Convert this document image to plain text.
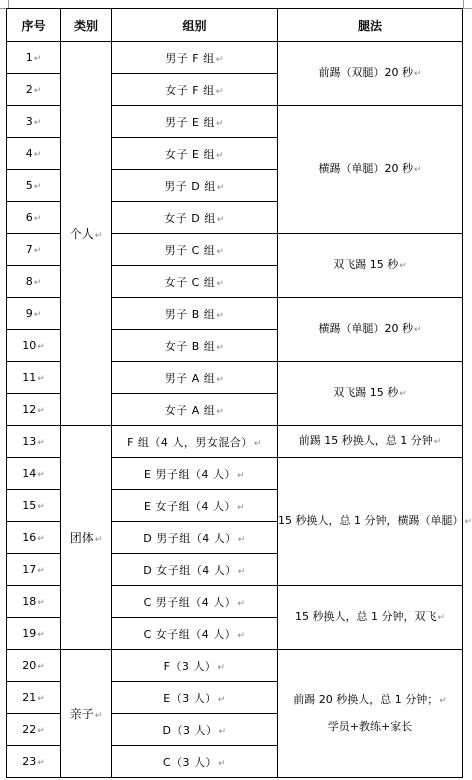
序号	类别	组别	腿法
1↵	个人↵	男子 F 组↵	前踢（双腿）20 秒↵

2↵		女子 F 组↵	
3↵		男子 E 组↵	横踢（单腿）20 秒↵

4↵		女子 E 组↵	
5↵		男子 D 组↵	
6↵		女子 D 组↵	
7↵		男子 C 组↵	双飞踢 15 秒↵

8↵		女子 C 组↵	
9↵		男子 B 组↵	横踢（单腿）20 秒↵

10↵		女子 B 组↵	
11↵		男子 A 组↵	双飞踢 15 秒↵

12↵		女子 A 组↵	
13↵	团体↵	F 组（4 人，男女混合）↵	前踢 15 秒换人，总 1 分钟↵

14↵		E 男子组（4 人）↵	15 秒换人，总 1 分钟，横踢（单腿）↵

15↵		E 女子组（4 人）↵	
16↵		D 男子组（4 人）↵	
17↵		D 女子组（4 人）↵	
18↵		C 男子组（4 人）↵	15 秒换人，总 1 分钟，双飞↵

19↵		C 女子组（4 人）↵	
20↵	亲子↵	F（3 人）↵	前踢 20 秒换人，总 1 分钟；↵
学员+教练+家长

21↵		E（3 人）↵	
22↵		D（3 人）↵	
23↵		C（3 人）↵	
